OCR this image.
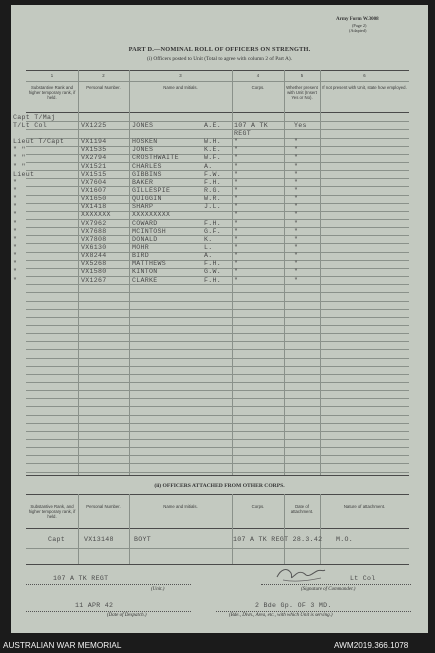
Army Form W.3008
(Page 2)
(Adapted)
PART D.—NOMINAL ROLL OF OFFICERS ON STRENGTH.
(i) Officers posted to Unit (Total to agree with column 2 of Part A).
1
Substantive Rank and higher temporary rank, if held.
2
Personal Number.
3
Name and Initials.
4
Corps.
5
Whether present with Unit (Insert Yes or No).
6
If not present with Unit, state how employed.
Capt T/Maj
T/Lt Col	VX1225	JONES	A.E. 107 A TK	Yes
REGT
Lieut T/Capt	VX1194	HOSKEN	W.H. "	"
" "	VX1535	JONES	K.E. "	"
" "	VX2794	CROSTHWAITE	W.F. "	"
" "	VX1521	CHARLES	A.	"	"
Lieut	VX1515	GIBBINS	F.W. "	"
"	VX7604	BAKER	F.H. "	"
"	VX1607	GILLESPIE	R.G. "	"
"	VX1650	QUIGGIN	W.R. "	"
"	VX1418	SHARP	J.L. "	"
"	XXXXXXX	XXXXXXXXX	"	"
"	VX7962	COWARD	F.H. "	"
"	VX7688	MCINTOSH	G.F. "	"
"	VX7808	DONALD	K.	"	"
"	VX6130	MOHR	L.	"	"
"	VX8244	BIRD	A.	"	"
"	VX5268	MATTHEWS	F.H. "	"
"	VX1580	KINTON	G.W. "	"
"	VX1267	CLARKE	F.H. "	"
(ii) OFFICERS ATTACHED FROM OTHER CORPS.
Substantive Rank, and higher temporary rank, if held.
Personal Number.	Name and Initials.	Corps.	Date of attachment.
Nature of attachment.
Capt	VX13148	BOYT	107 A TK REGT 28.3.42 M.O.
107 A TK REGT
(Unit.)
Lt Col
(Signature of Commander.)
11 APR 42
(Date of Despatch.)
2 Bde Gp. OF 3 MD.
(Bde., Divn., Area, etc., with which Unit is serving.)
AUSTRALIAN WAR MEMORIAL	AWM2019.366.1078
